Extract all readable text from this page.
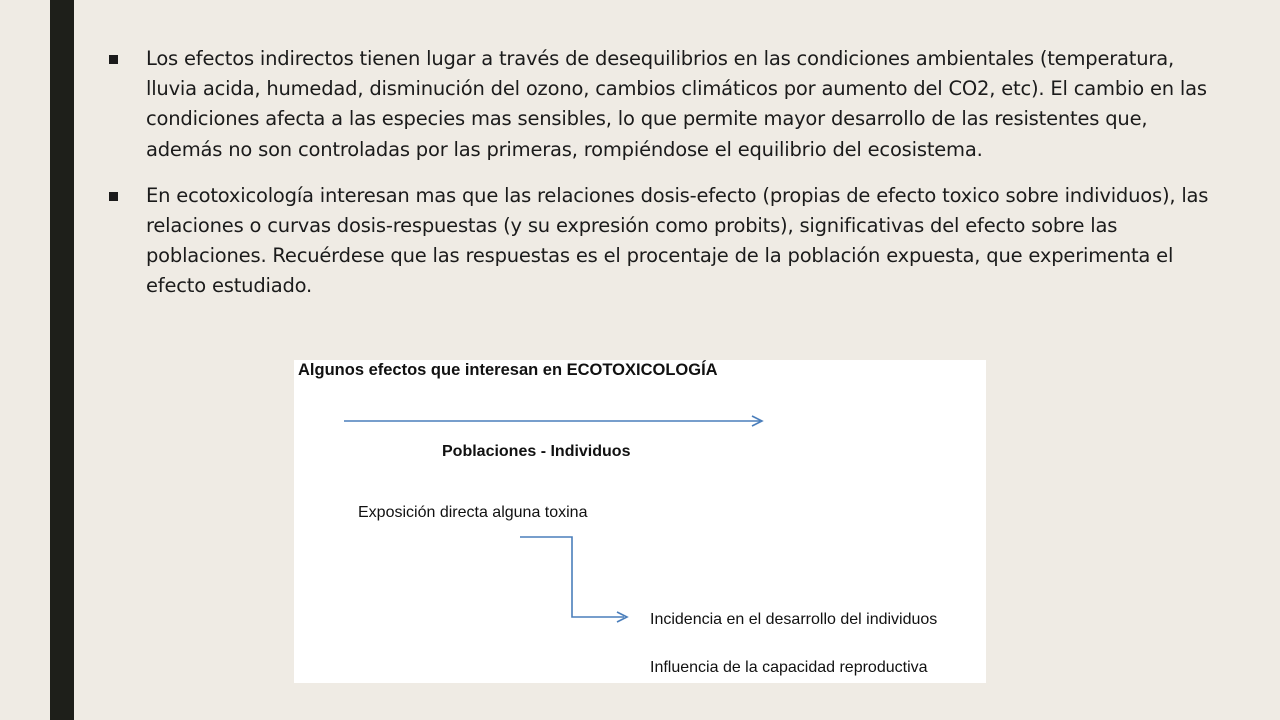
Los efectos indirectos tienen lugar a través de desequilibrios en las condiciones ambientales (temperatura, lluvia acida, humedad, disminución del ozono, cambios climáticos por aumento del CO2, etc). El cambio en las condiciones afecta a las especies mas sensibles, lo que permite mayor desarrollo de las resistentes que, además no son controladas por las primeras, rompiéndose el equilibrio del ecosistema.
En ecotoxicología interesan mas que las relaciones dosis-efecto (propias de efecto toxico sobre individuos), las relaciones o curvas dosis-respuestas (y su expresión como probits), significativas del efecto sobre las poblaciones. Recuérdese que las respuestas es el procentaje de la población expuesta, que experimenta el efecto estudiado.
Algunos efectos que interesan en ECOTOXICOLOGÍA
Poblaciones - Individuos
Exposición directa alguna toxina
Incidencia en el desarrollo del individuos
Influencia de la capacidad reproductiva
